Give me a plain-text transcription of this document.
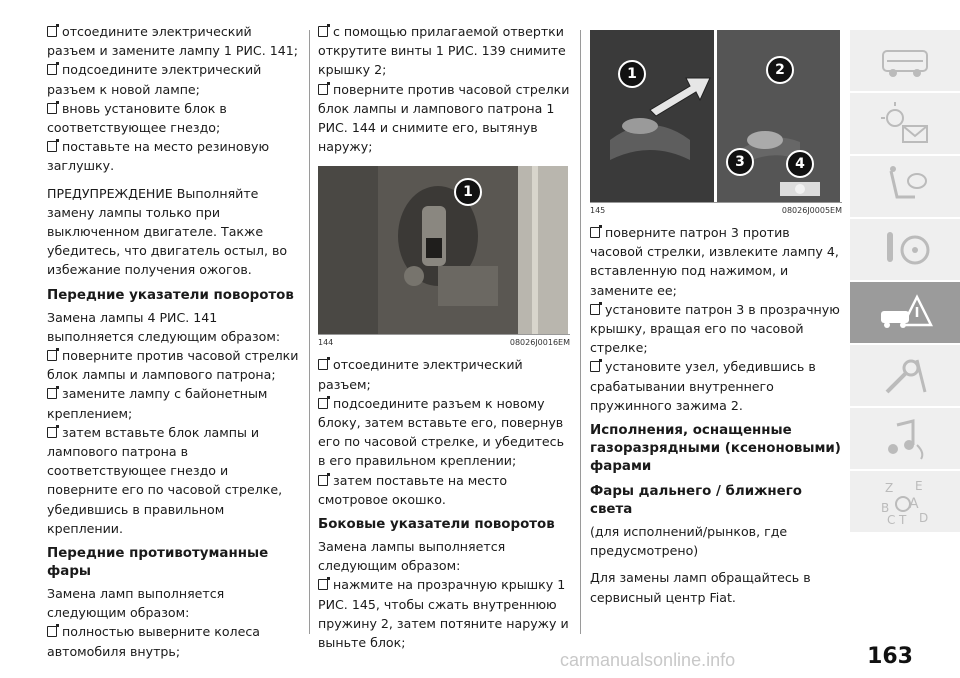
отсоедините электрический разъем и замените лампу 1 РИС. 141;

подсоедините электрический разъем к новой лампе;

вновь установите блок в соответствующее гнездо;

поставьте на место резиновую заглушку.

ПРЕДУПРЕЖДЕНИЕ Выполняйте замену лампы только при выключенном двигателе. Также убедитесь, что двигатель остыл, во избежание получения ожогов.

Передние указатели поворотов

Замена лампы 4 РИС. 141 выполняется следующим образом:

поверните против часовой стрелки блок лампы и лампового патрона;

замените лампу с байонетным креплением;

затем вставьте блок лампы и лампового патрона в соответствующее гнездо и поверните его по часовой стрелке, убедившись в правильном креплении.

Передние противотуманные фары

Замена ламп выполняется следующим образом:

полностью выверните колеса автомобиля внутрь;

с помощью прилагаемой отвертки открутите винты 1 РИС. 139 снимите крышку 2;

поверните против часовой стрелки блок лампы и лампового патрона 1 РИС. 144 и снимите его, вытянув наружу;

1
144	08026J0016EM

отсоедините электрический разъем;

подсоедините разъем к новому блоку, затем вставьте его, повернув его по часовой стрелке, и убедитесь в его правильном креплении;

затем поставьте на место смотровое окошко.

Боковые указатели поворотов

Замена лампы выполняется следующим образом:

нажмите на прозрачную крышку 1 РИС. 145, чтобы сжать внутреннюю пружину 2, затем потяните наружу и выньте блок;

1	2
3	4
145	08026J0005EM

поверните патрон 3 против часовой стрелки, извлеките лампу 4, вставленную под нажимом, и замените ее;

установите патрон 3 в прозрачную крышку, вращая его по часовой стрелке;

установите узел, убедившись в срабатывании внутреннего пружинного зажима 2.

Исполнения, оснащенные газоразрядными (ксеноновыми) фарами
Фары дальнего / ближнего света

(для исполнений/рынков, где предусмотрено)

Для замены ламп обращайтесь в сервисный центр Fiat.

Z E
B A
C T D
carmanualsonline.info	163
